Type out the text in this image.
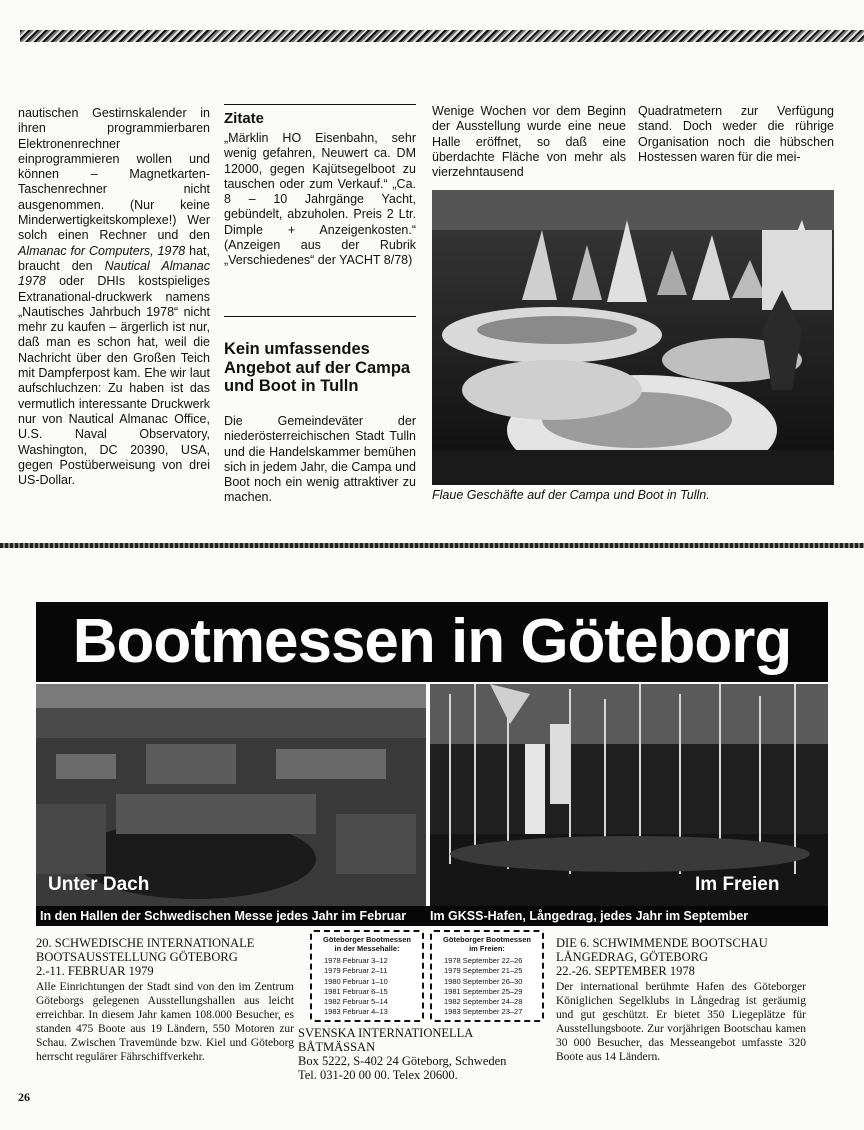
nautischen Gestirnskalender in ihren programmierbaren Elektronenrechner einprogrammieren wollen und können – Magnetkarten-Taschenrechner nicht ausgenommen. (Nur keine Minderwertigkeitskomplexe!) Wer solch einen Rechner und den Almanac for Computers, 1978 hat, braucht den Nautical Almanac 1978 oder DHIs kostspieliges Extranational-druckwerk namens „Nautisches Jahrbuch 1978“ nicht mehr zu kaufen – ärgerlich ist nur, daß man es schon hat, weil die Nachricht über den Großen Teich mit Dampferpost kam. Ehe wir laut aufschluchzen: Zu haben ist das vermutlich interessante Druckwerk nur von Nautical Almanac Office, U.S. Naval Observatory, Washington, DC 20390, USA, gegen Postüberweisung von drei US-Dollar.
Zitate
„Märklin HO Eisenbahn, sehr wenig gefahren, Neuwert ca. DM 12000, gegen Kajütsegelboot zu tauschen oder zum Verkauf.“ „Ca. 8 – 10 Jahrgänge Yacht, gebündelt, abzuholen. Preis 2 Ltr. Dimple + Anzeigenkosten.“ (Anzeigen aus der Rubrik „Verschiedenes“ der YACHT 8/78)
Kein umfassendes Angebot auf der Campa und Boot in Tulln
Die Gemeindeväter der niederösterreichischen Stadt Tulln und die Handelskammer bemühen sich in jedem Jahr, die Campa und Boot noch ein wenig attraktiver zu machen.
Wenige Wochen vor dem Beginn der Ausstellung wurde eine neue Halle eröffnet, so daß eine überdachte Fläche von mehr als vierzehntausend
Quadratmetern zur Verfügung stand. Doch weder die rührige Organisation noch die hübschen Hostessen waren für die mei-
Flaue Geschäfte auf der Campa und Boot in Tulln.
Bootmessen in Göteborg
Unter Dach	Im Freien
In den Hallen der Schwedischen Messe jedes Jahr im Februar	Im GKSS-Hafen, Långedrag, jedes Jahr im September
20. SCHWEDISCHE INTERNATIONALE
BOOTSAUSSTELLUNG GÖTEBORG
2.-11. FEBRUAR 1979
Alle Einrichtungen der Stadt sind von den im Zentrum Göteborgs gelegenen Ausstellungshallen aus leicht erreichbar. In diesem Jahr kamen 108.000 Besucher, es standen 475 Boote aus 19 Ländern, 550 Motoren zur Schau. Zwischen Travemünde bzw. Kiel und Göteborg herrscht regulärer Fährschiffverkehr.
Göteborger Bootmessen
in der Messehalle:
1978 Februar 3–12
1979 Februar 2–11
1980 Februar 1–10
1981 Februar 6–15
1982 Februar 5–14
1983 Februar 4–13
Göteborger Bootmessen
im Freien:
1978 September 22–26
1979 September 21–25
1980 September 26–30
1981 September 25–29
1982 September 24–28
1983 September 23–27
SVENSKA INTERNATIONELLA
BÅTMÄSSAN
Box 5222, S-402 24 Göteborg, Schweden
Tel. 031-20 00 00. Telex 20600.
DIE 6. SCHWIMMENDE BOOTSCHAU
LÅNGEDRAG, GÖTEBORG
22.-26. SEPTEMBER 1978
Der international berühmte Hafen des Göteborger Königlichen Segelklubs in Långedrag ist geräumig und gut geschützt. Er bietet 350 Liegeplätze für Ausstellungsboote. Zur vorjährigen Bootschau kamen 30 000 Besucher, das Messeangebot umfasste 320 Boote aus 14 Ländern.
26
